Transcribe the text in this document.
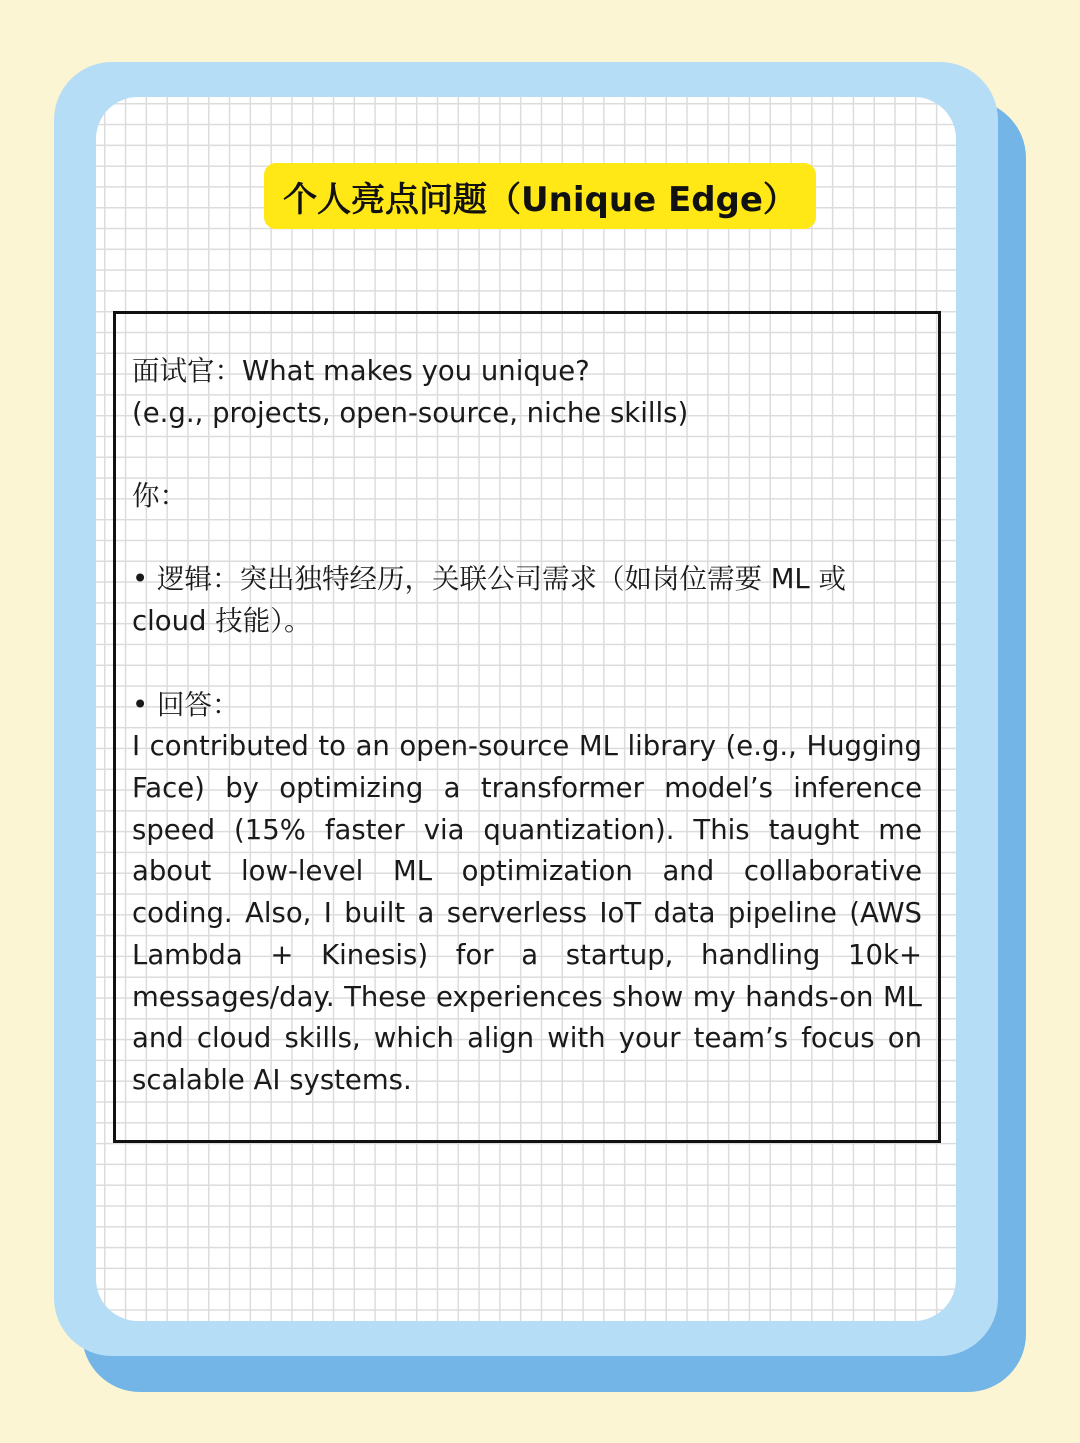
个人亮点问题（Unique Edge）
面试官：What makes you unique?
(e.g., projects, open-source, niche skills)
你：
• 逻辑：突出独特经历，关联公司需求（如岗位需要 ML 或
cloud 技能）。
• 回答：
I contributed to an open-source ML library (e.g., Hugging Face) by optimizing a transformer model’s inference speed (15% faster via quantization). This taught me about low-level ML optimization and collaborative coding. Also, I built a serverless IoT data pipeline (AWS Lambda + Kinesis) for a startup, handling 10k+ messages/day. These experiences show my hands-on ML and cloud skills, which align with your team’s focus on scalable AI systems.
